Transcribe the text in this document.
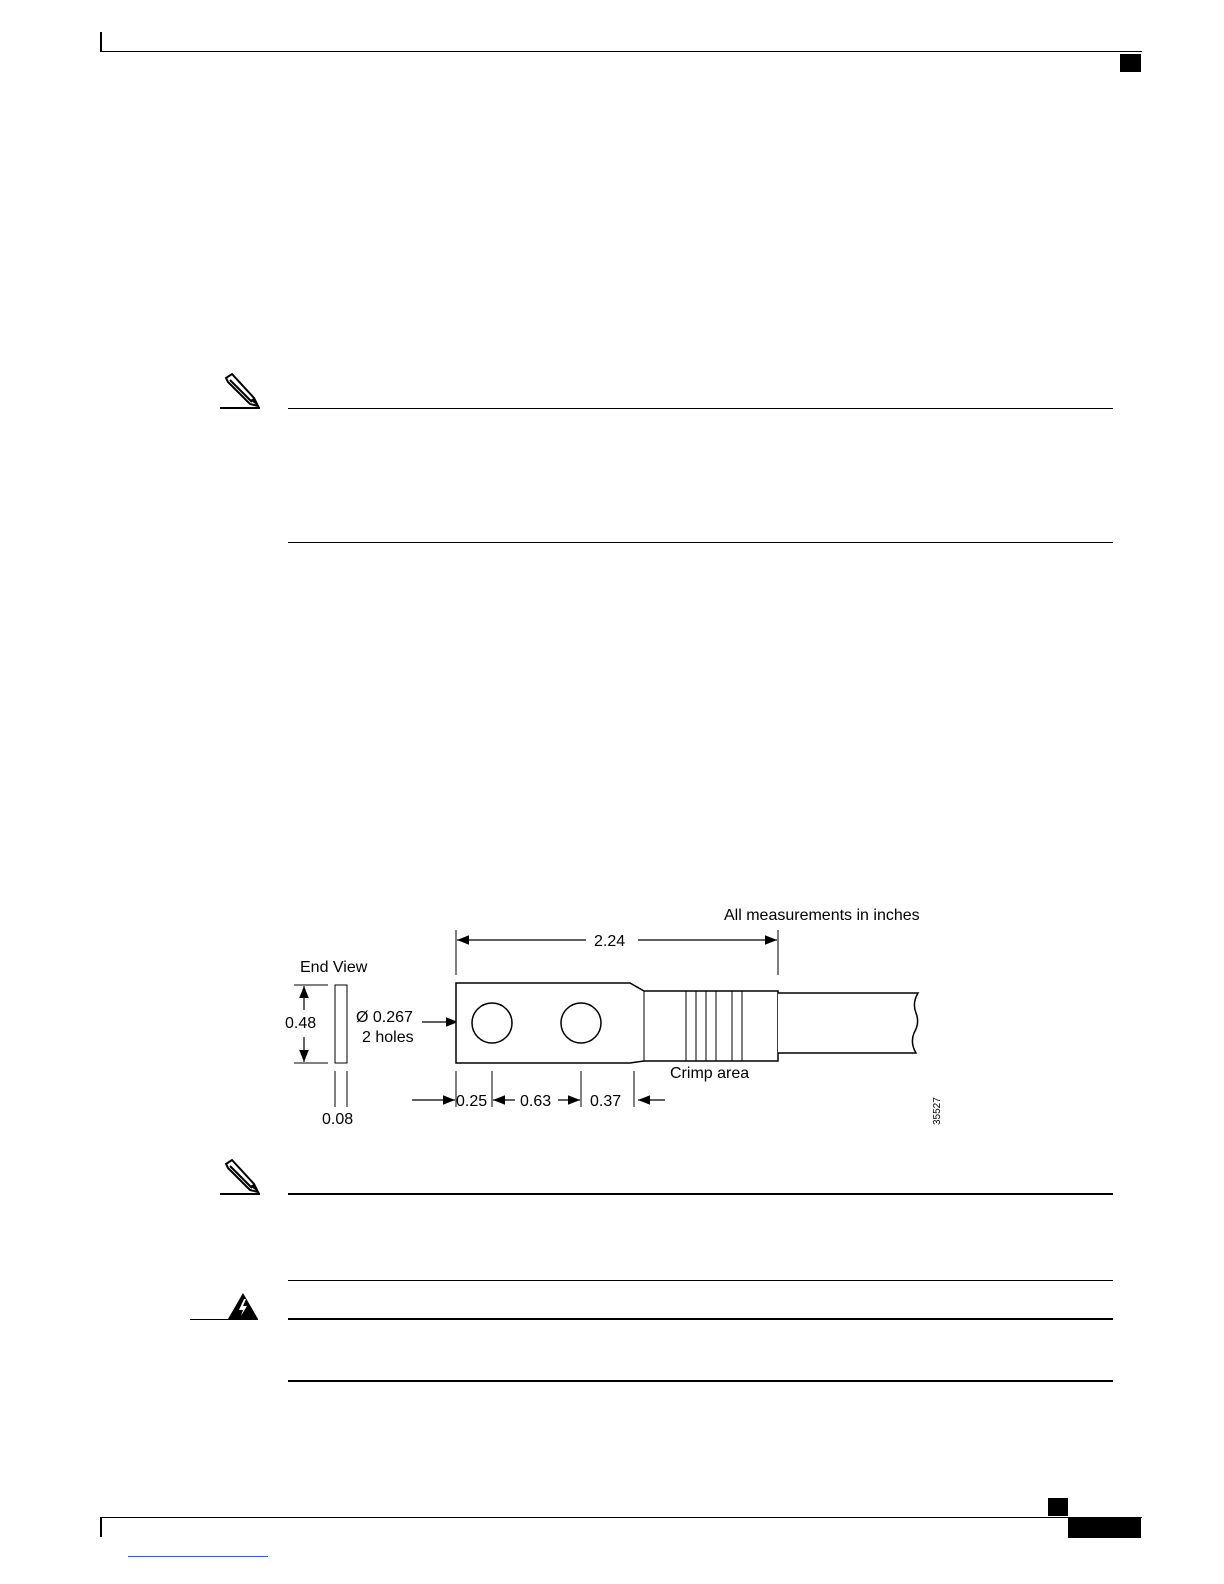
All measurements in inches
2.24
End View
0.48
0.08
Ø 0.267
2 holes
Crimp area
0.25 0.63 0.37	35527
